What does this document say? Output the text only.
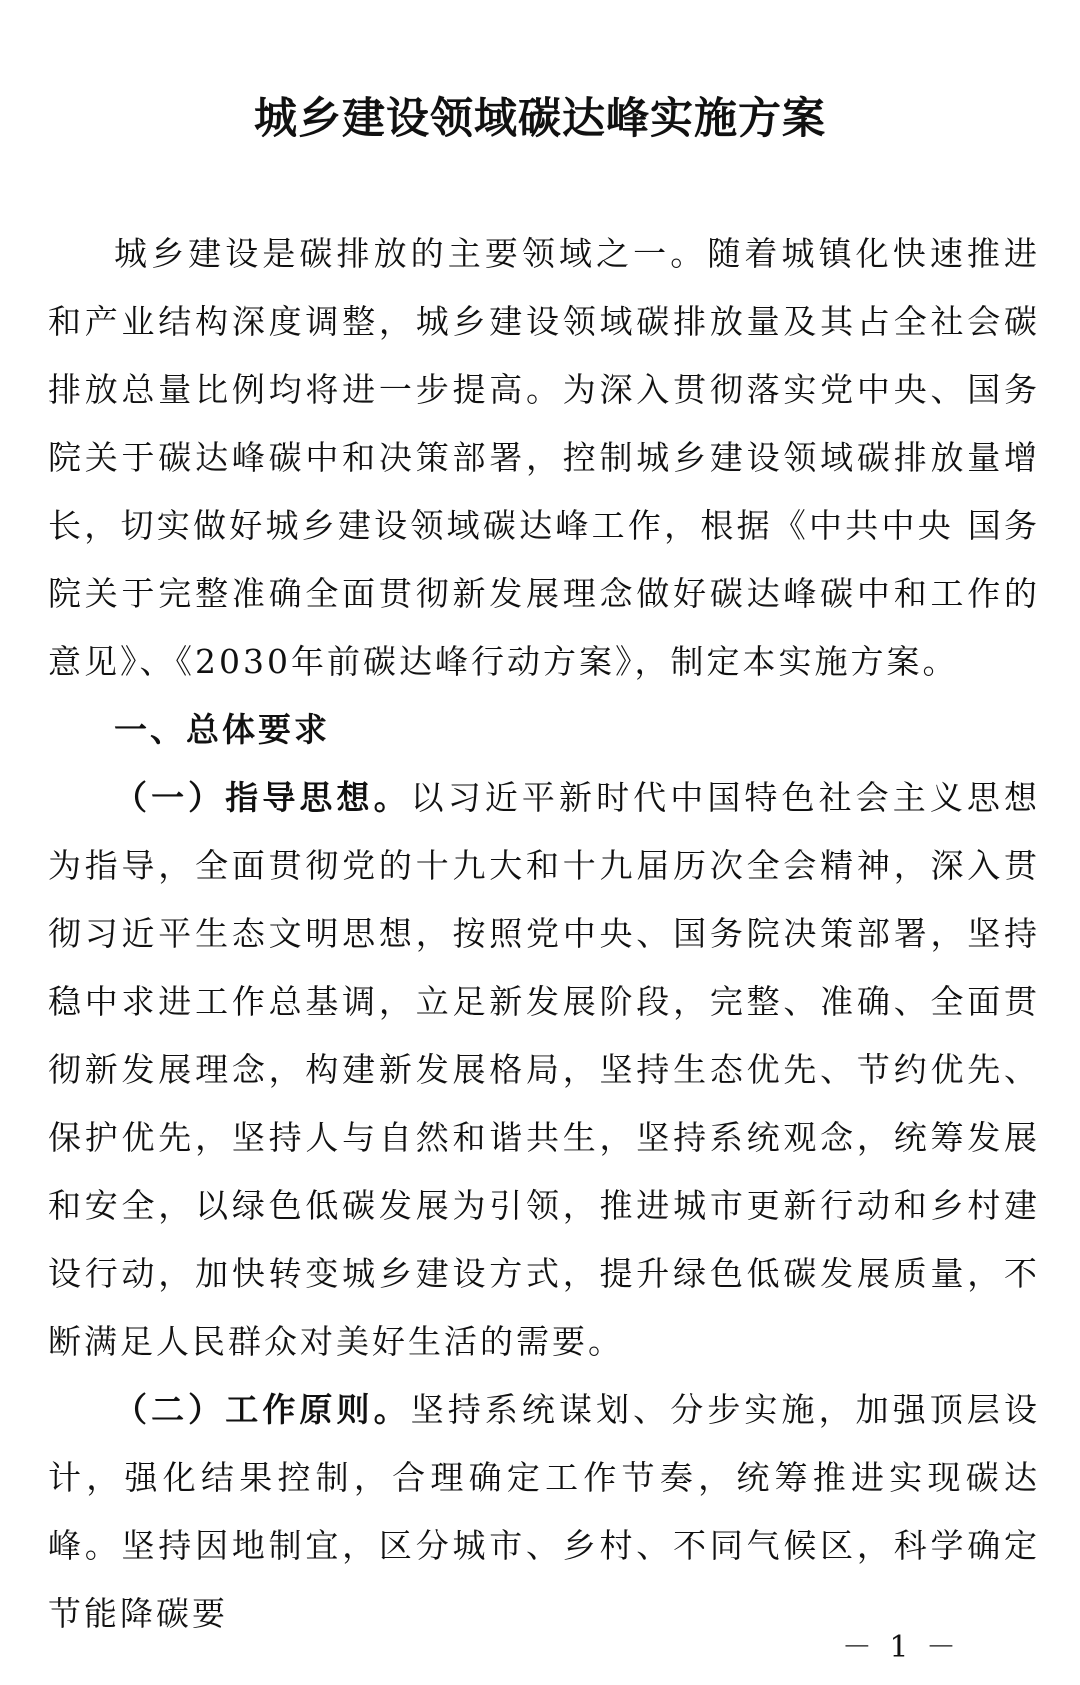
城乡建设领域碳达峰实施方案

城乡建设是碳排放的主要领域之一。随着城镇化快速推进和产业结构深度调整，城乡建设领域碳排放量及其占全社会碳排放总量比例均将进一步提高。为深入贯彻落实党中央、国务院关于碳达峰碳中和决策部署，控制城乡建设领域碳排放量增长，切实做好城乡建设领域碳达峰工作，根据《中共中央 国务院关于完整准确全面贯彻新发展理念做好碳达峰碳中和工作的意见》、《2030年前碳达峰行动方案》，制定本实施方案。

一、总体要求

（一）指导思想。以习近平新时代中国特色社会主义思想为指导，全面贯彻党的十九大和十九届历次全会精神，深入贯彻习近平生态文明思想，按照党中央、国务院决策部署，坚持稳中求进工作总基调，立足新发展阶段，完整、准确、全面贯彻新发展理念，构建新发展格局，坚持生态优先、节约优先、保护优先，坚持人与自然和谐共生，坚持系统观念，统筹发展和安全，以绿色低碳发展为引领，推进城市更新行动和乡村建设行动，加快转变城乡建设方式，提升绿色低碳发展质量，不断满足人民群众对美好生活的需要。

（二）工作原则。坚持系统谋划、分步实施，加强顶层设计，强化结果控制，合理确定工作节奏，统筹推进实现碳达峰。坚持因地制宜，区分城市、乡村、不同气候区，科学确定节能降碳要

－ 1 －
